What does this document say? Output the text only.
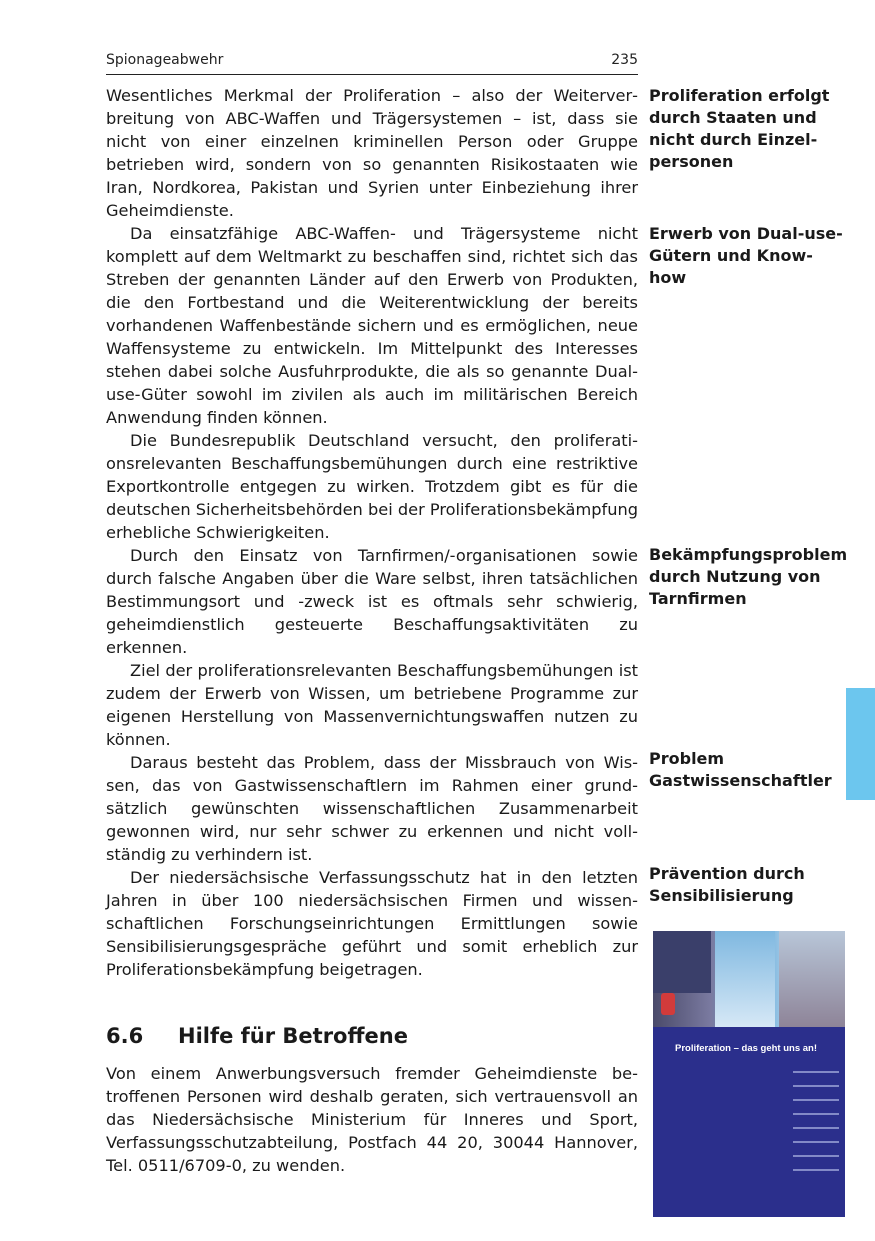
Spionageabwehr	235

Wesentliches Merkmal der Proliferation – also der Weiterverbreitung von ABC-Waffen und Trägersystemen – ist, dass sie nicht von einer einzelnen kriminellen Person oder Gruppe betrieben wird, sondern von so genannten Risikostaaten wie Iran, Nordkorea, Pakistan und Syrien unter Einbeziehung ihrer Geheimdienste.

Da einsatzfähige ABC-Waffen- und Trägersysteme nicht komplett auf dem Weltmarkt zu beschaffen sind, richtet sich das Streben der genannten Länder auf den Erwerb von Produkten, die den Fortbestand und die Weiterentwicklung der bereits vorhandenen Waffenbestände sichern und es ermöglichen, neue Waffensysteme zu entwickeln. Im Mittelpunkt des Interesses stehen dabei solche Ausfuhrprodukte, die als so genannte Dual-use-Güter sowohl im zivilen als auch im militärischen Bereich Anwendung finden können.

Die Bundesrepublik Deutschland versucht, den proliferationsrelevanten Beschaffungsbemühungen durch eine restriktive Exportkontrolle entgegen zu wirken. Trotzdem gibt es für die deutschen Sicherheitsbehörden bei der Proliferationsbekämpfung erhebliche Schwierigkeiten.

Durch den Einsatz von Tarnfirmen/-organisationen sowie durch falsche Angaben über die Ware selbst, ihren tatsächlichen Bestimmungsort und -zweck ist es oftmals sehr schwierig, geheimdienstlich gesteuerte Beschaffungsaktivitäten zu erkennen.

Ziel der proliferationsrelevanten Beschaffungsbemühungen ist zudem der Erwerb von Wissen, um betriebene Programme zur eigenen Herstellung von Massenvernichtungswaffen nutzen zu können.

Daraus besteht das Problem, dass der Missbrauch von Wissen, das von Gastwissenschaftlern im Rahmen einer grundsätzlich gewünschten wissenschaftlichen Zusammenarbeit gewonnen wird, nur sehr schwer zu erkennen und nicht vollständig zu verhindern ist.

Der niedersächsische Verfassungsschutz hat in den letzten Jahren in über 100 niedersächsischen Firmen und wissenschaftlichen Forschungseinrichtungen Ermittlungen sowie Sensibilisierungsgespräche geführt und somit erheblich zur Proliferationsbekämpfung beigetragen.

6.6	Hilfe für Betroffene

Von einem Anwerbungsversuch fremder Geheimdienste betroffenen Personen wird deshalb geraten, sich vertrauensvoll an das Niedersächsische Ministerium für Inneres und Sport, Verfassungsschutzabteilung, Postfach 44 20, 30044 Hannover, Tel. 0511/6709-0, zu wenden.

Proliferation erfolgt durch Staaten und nicht durch Einzelpersonen
Erwerb von Dual-use-Gütern und Know-how
Bekämpfungsproblem durch Nutzung von Tarnfirmen
Problem Gastwissenschaftler
Prävention durch Sensibilisierung
Proliferation – das geht uns an!
